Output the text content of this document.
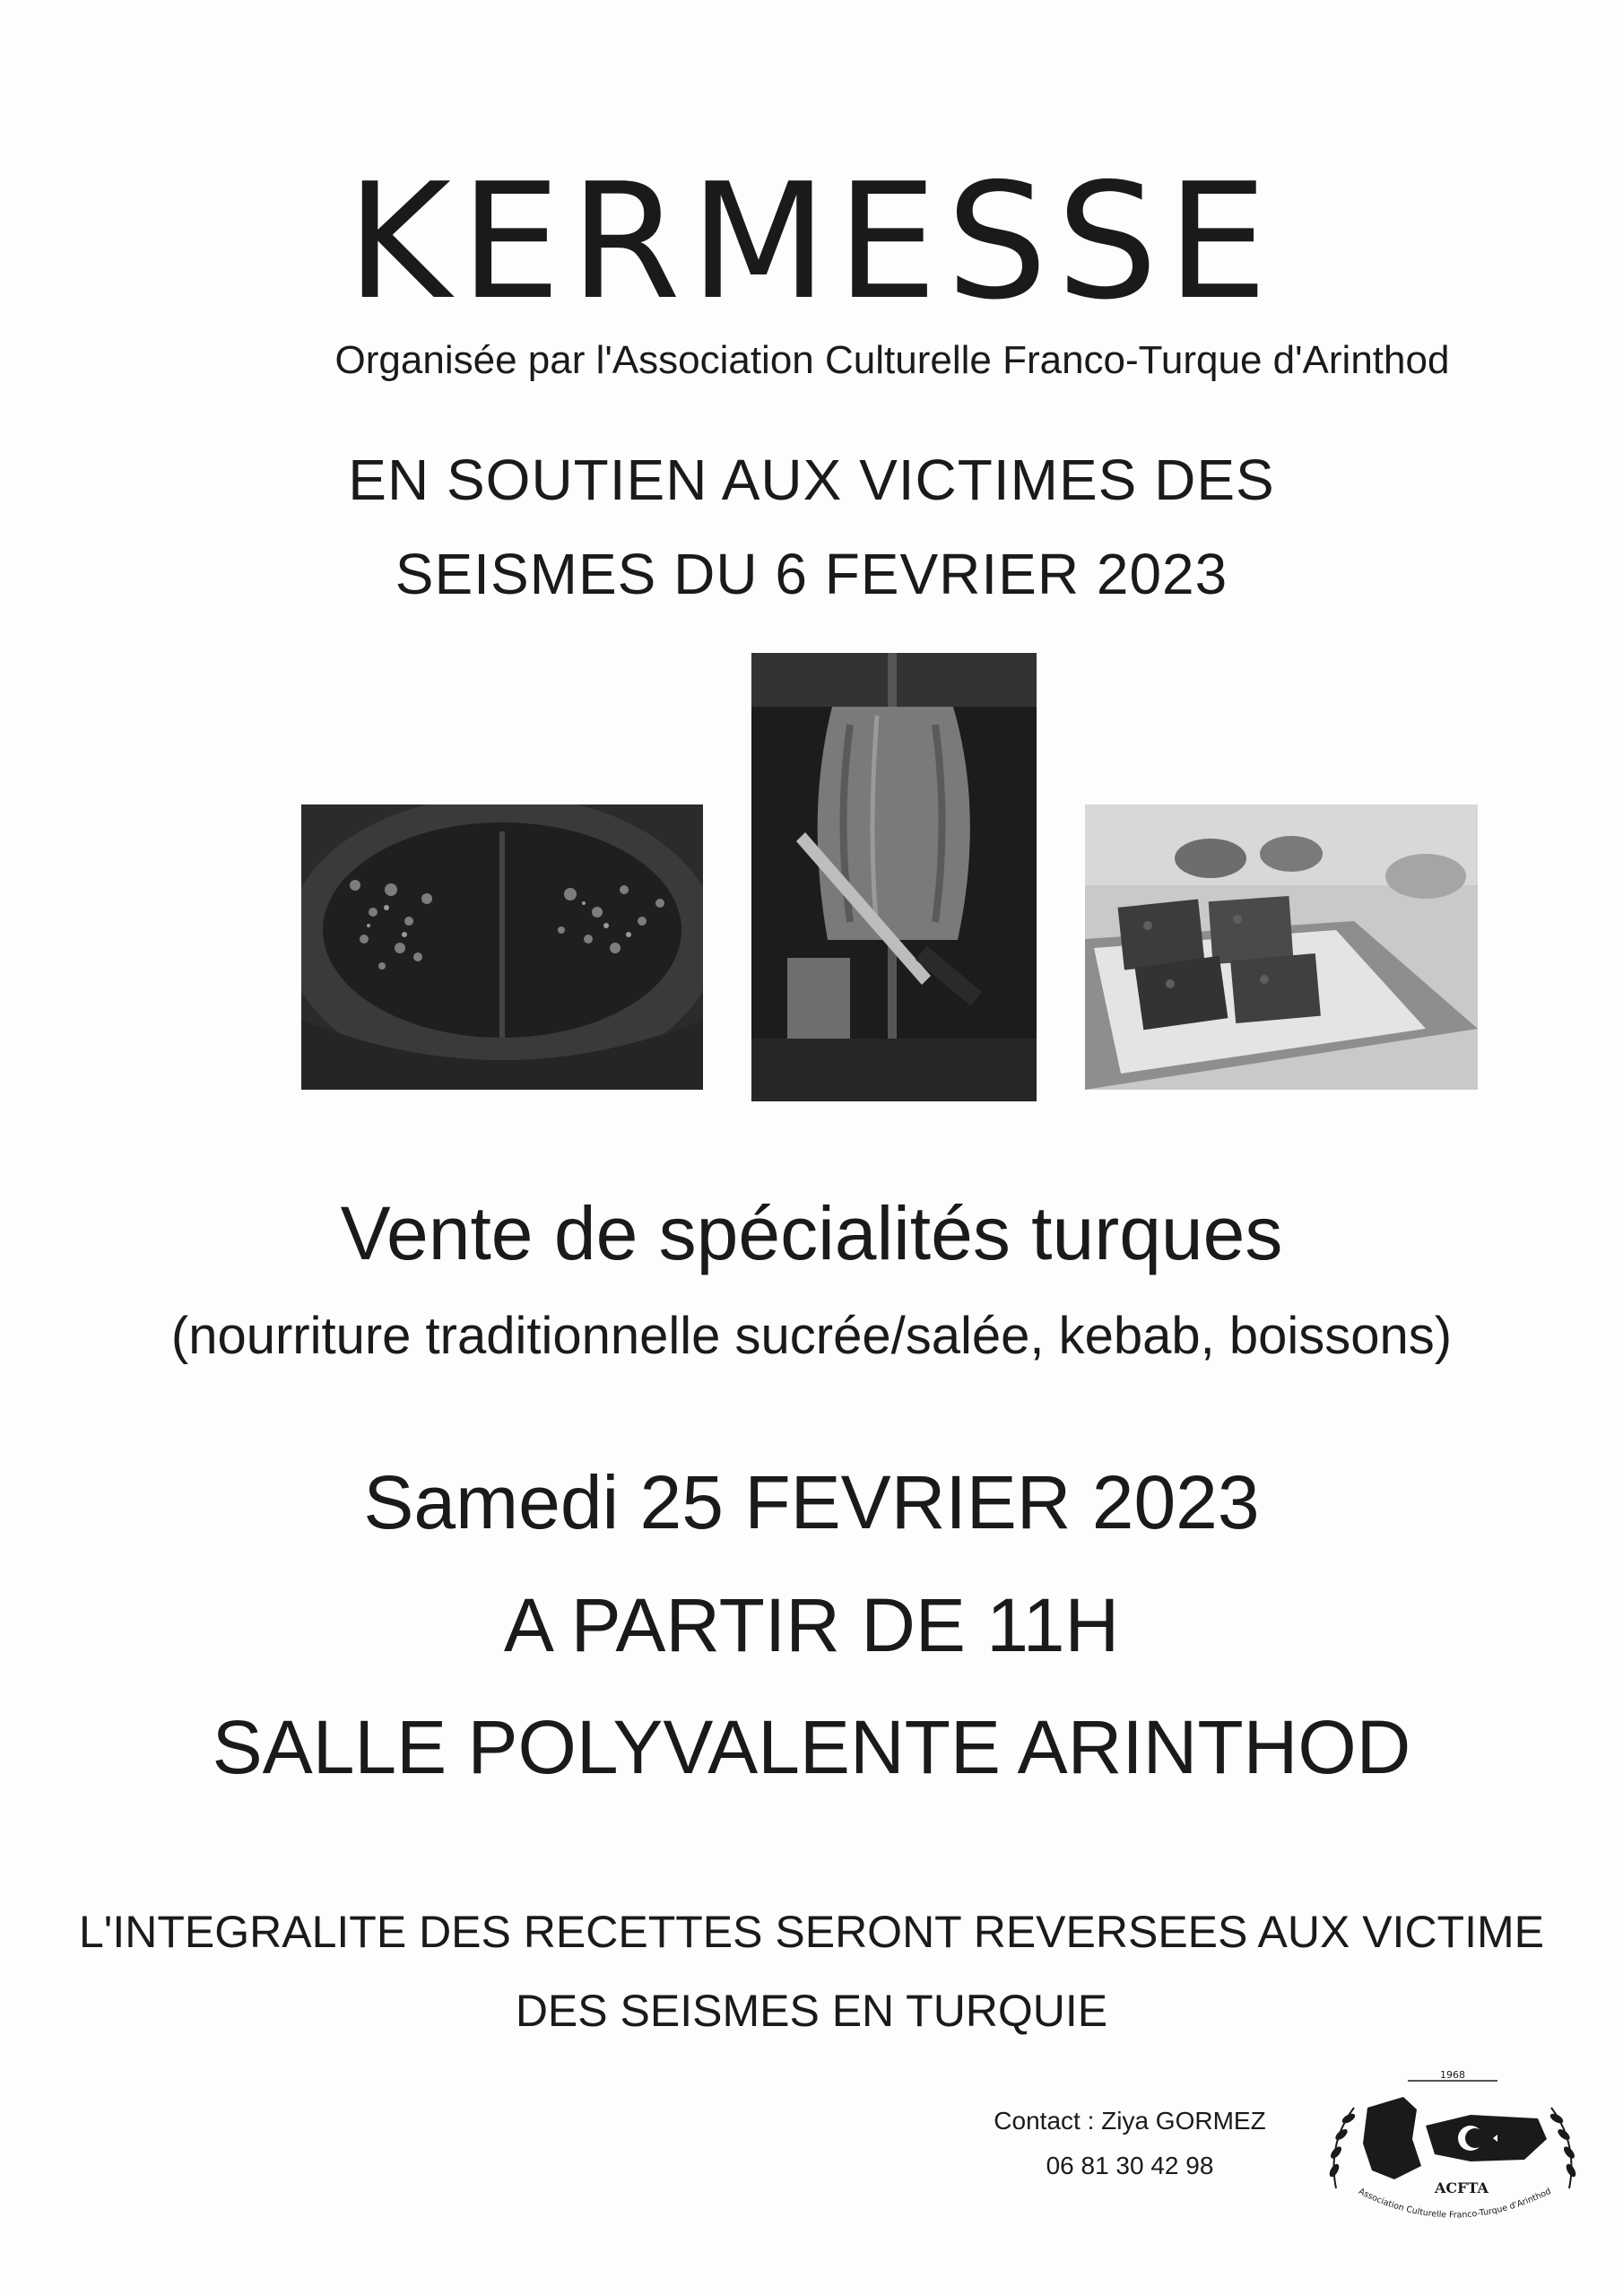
KERMESSE
Organisée par l'Association Culturelle Franco-Turque d'Arinthod
EN SOUTIEN AUX VICTIMES DES
SEISMES DU 6 FEVRIER 2023
Vente de spécialités turques
(nourriture traditionnelle sucrée/salée, kebab, boissons)
Samedi 25 FEVRIER 2023
A PARTIR DE 11H
SALLE POLYVALENTE ARINTHOD
L'INTEGRALITE DES RECETTES SERONT REVERSEES AUX VICTIME
DES SEISMES EN TURQUIE
Contact : Ziya GORMEZ
06 81 30 42 98
1968
ACFTA
Association Culturelle Franco-Turque d'Arinthod
